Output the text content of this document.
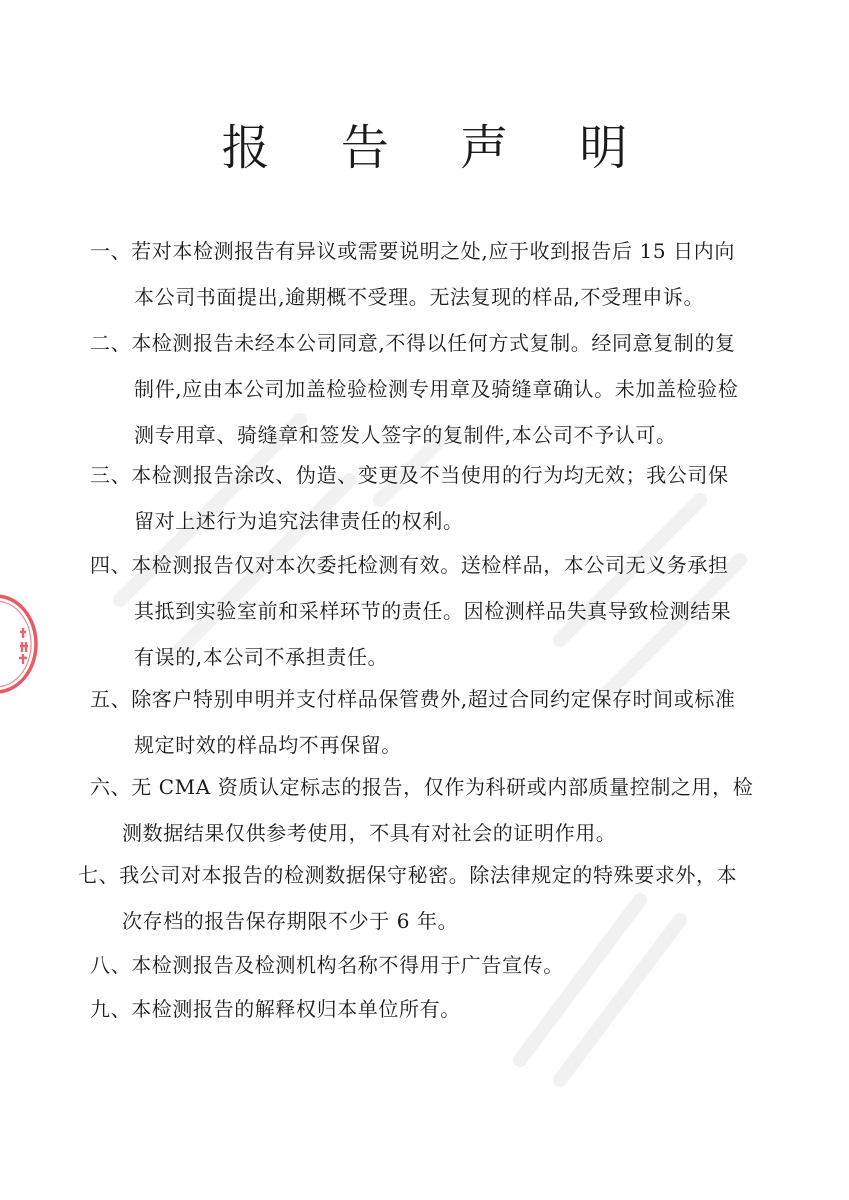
报 告 声 明
一、若对本检测报告有异议或需要说明之处,应于收到报告后 15 日内向
本公司书面提出,逾期概不受理。无法复现的样品,不受理申诉。
二、本检测报告未经本公司同意,不得以任何方式复制。经同意复制的复
制件,应由本公司加盖检验检测专用章及骑缝章确认。未加盖检验检
测专用章、骑缝章和签发人签字的复制件,本公司不予认可。
三、本检测报告涂改、伪造、变更及不当使用的行为均无效；我公司保
留对上述行为追究法律责任的权利。
四、本检测报告仅对本次委托检测有效。送检样品，本公司无义务承担
其抵到实验室前和采样环节的责任。因检测样品失真导致检测结果
有误的,本公司不承担责任。
五、除客户特别申明并支付样品保管费外,超过合同约定保存时间或标准
规定时效的样品均不再保留。
六、无 CMA 资质认定标志的报告，仅作为科研或内部质量控制之用，检
测数据结果仅供参考使用，不具有对社会的证明作用。
七、我公司对本报告的检测数据保守秘密。除法律规定的特殊要求外，本
次存档的报告保存期限不少于 6 年。
八、本检测报告及检测机构名称不得用于广告宣传。
九、本检测报告的解释权归本单位所有。
